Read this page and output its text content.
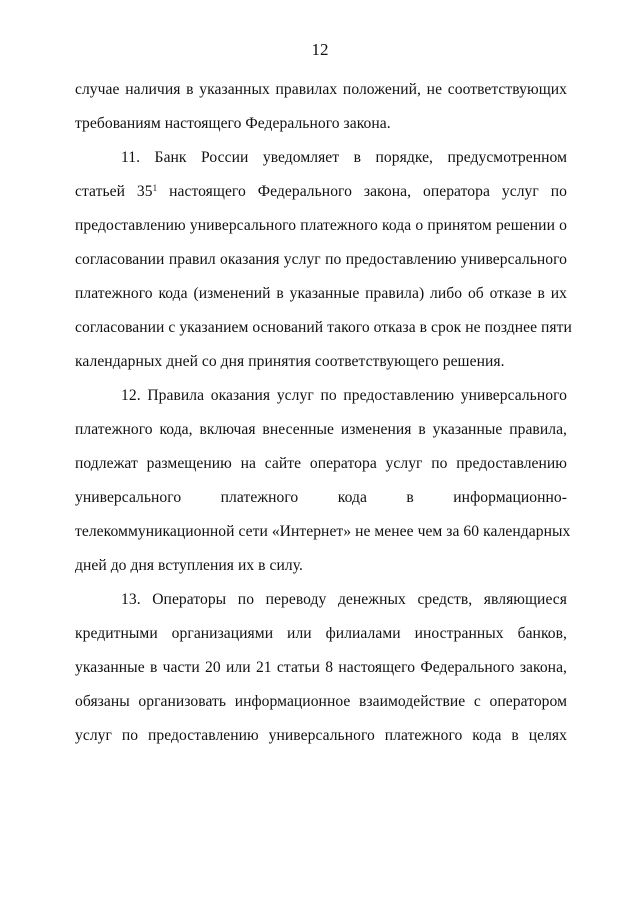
12
случае наличия в указанных правилах положений, не соответствующих
требованиям настоящего Федерального закона.
11. Банк России уведомляет в порядке, предусмотренном
статьей $35^1$ настоящего Федерального закона, оператора услуг по
предоставлению универсального платежного кода о принятом решении о
согласовании правил оказания услуг по предоставлению универсального
платежного кода (изменений в указанные правила) либо об отказе в их
согласовании с указанием оснований такого отказа в срок не позднее пяти
календарных дней со дня принятия соответствующего решения.
12. Правила оказания услуг по предоставлению универсального
платежного кода, включая внесенные изменения в указанные правила,
подлежат размещению на сайте оператора услуг по предоставлению
универсального платежного кода в информационно-
телекоммуникационной сети «Интернет» не менее чем за 60 календарных
дней до дня вступления их в силу.
13. Операторы по переводу денежных средств, являющиеся
кредитными организациями или филиалами иностранных банков,
указанные в части 20 или 21 статьи 8 настоящего Федерального закона,
обязаны организовать информационное взаимодействие с оператором
услуг по предоставлению универсального платежного кода в целях
